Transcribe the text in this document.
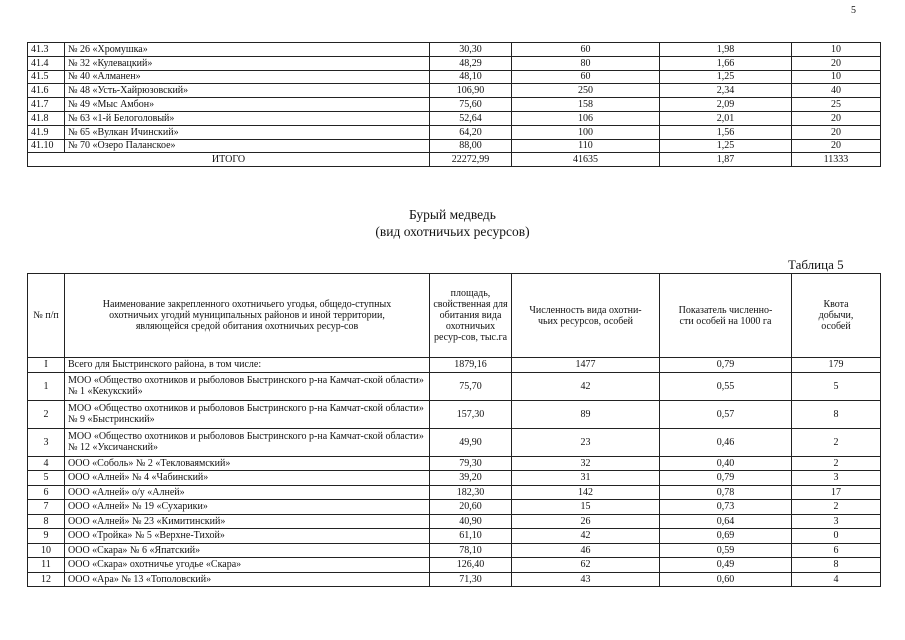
5
41.3	№ 26 «Хромушка»	30,30	60	1,98	10
41.4	№ 32 «Кулевацкий»	48,29	80	1,66	20
41.5	№ 40 «Алманен»	48,10	60	1,25	10
41.6	№ 48 «Усть-Хайрюзовский»	106,90	250	2,34	40
41.7	№ 49 «Мыс Амбон»	75,60	158	2,09	25
41.8	№ 63 «1-й Белоголовый»	52,64	106	2,01	20
41.9	№ 65 «Вулкан Ичинский»	64,20	100	1,56	20
41.10	№ 70 «Озеро Паланское»	88,00	110	1,25	20
ИТОГО		22272,99	41635	1,87	11333
Бурый медведь
(вид охотничьих ресурсов)
Таблица 5
№ п/п	Наименование закрепленного охотничьего угодья, общедо-ступных охотничьих угодий муниципальных районов и иной территории, являющейся средой обитания охотничьих ресур-сов	площадь, свойственная для обитания вида охотничьих ресур-сов, тыс.га	Численность вида охотни-чьих ресурсов, особей	Показатель численно-сти особей на 1000 га	Квота добычи, особей
I	Всего для Быстринского района, в том числе:	1879,16	1477	0,79	179
1	МОО «Общество охотников и рыболовов Быстринского р-на Камчат-ской области» № 1 «Кекукский»	75,70	42	0,55	5
2	МОО «Общество охотников и рыболовов Быстринского р-на Камчат-ской области» № 9 «Быстринский»	157,30	89	0,57	8
3	МОО «Общество охотников и рыболовов Быстринского р-на Камчат-ской области» № 12 «Уксичанский»	49,90	23	0,46	2
4	ООО «Соболь» № 2 «Текловаямский»	79,30	32	0,40	2
5	ООО «Алней» № 4 «Чабинский»	39,20	31	0,79	3
6	ООО «Алней» о/у «Алней»	182,30	142	0,78	17
7	ООО «Алней» № 19 «Сухарики»	20,60	15	0,73	2
8	ООО «Алней» № 23 «Кимитинский»	40,90	26	0,64	3
9	ООО «Тройка» № 5 «Верхне-Тихой»	61,10	42	0,69	0
10	ООО «Скара» № 6 «Япатский»	78,10	46	0,59	6
11	ООО «Скара» охотничье угодье «Скара»	126,40	62	0,49	8
12	ООО «Ара» № 13 «Тополовский»	71,30	43	0,60	4
